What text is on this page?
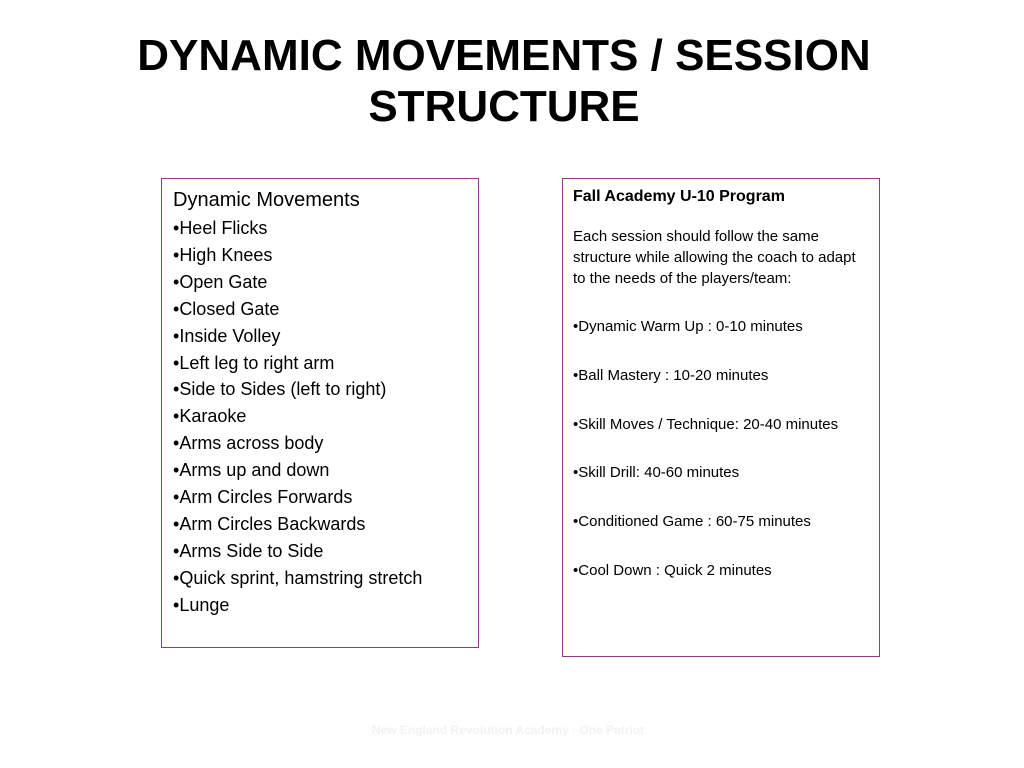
DYNAMIC MOVEMENTS / SESSION
STRUCTURE
Dynamic Movements
• Heel Flicks
• High Knees
• Open Gate
• Closed Gate
• Inside Volley
• Left leg to right arm
• Side to Sides (left to right)
• Karaoke
• Arms across body
• Arms up and down
• Arm Circles Forwards
• Arm Circles Backwards
• Arms Side to Side
• Quick sprint, hamstring stretch
• Lunge
Fall Academy U-10 Program
Each session should follow the same structure while allowing the coach to adapt to the needs of the players/team:
• Dynamic Warm Up : 0-10 minutes
• Ball Mastery : 10-20 minutes
• Skill Moves / Technique: 20-40 minutes
• Skill Drill: 40-60 minutes
• Conditioned Game : 60-75 minutes
• Cool Down : Quick 2 minutes
New England Revolution Academy · One Patriot
